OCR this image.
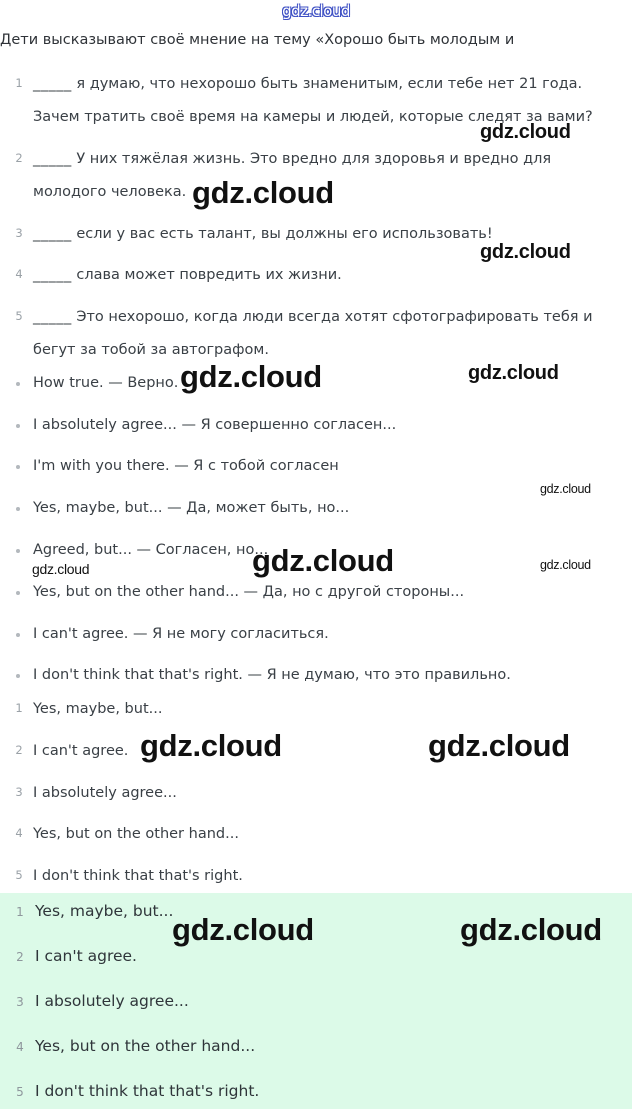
gdz.cloud
Дети высказывают своё мнение на тему «Хорошо быть молодым и
1 _____ я думаю, что нехорошо быть знаменитым, если тебе нет 21 года.
Зачем тратить своё время на камеры и людей, которые следят за вами?
2 _____ У них тяжёлая жизнь. Это вредно для здоровья и вредно для
молодого человека.
3 _____ если у вас есть талант, вы должны его использовать!
4 _____ слава может повредить их жизни.
5 _____ Это нехорошо, когда люди всегда хотят сфотографировать тебя и
бегут за тобой за автографом.
How true. — Верно.
I absolutely agree... — Я совершенно согласен...
I'm with you there. — Я с тобой согласен
Yes, maybe, but... — Да, может быть, но...
Agreed, but... — Согласен, но...
Yes, but on the other hand... — Да, но с другой стороны...
I can't agree. — Я не могу согласиться.
I don't think that that's right. — Я не думаю, что это правильно.
1 Yes, maybe, but...
2 I can't agree.
3 I absolutely agree...
4 Yes, but on the other hand...
5 I don't think that that's right.
1 Yes, maybe, but...
2 I can't agree.
3 I absolutely agree...
4 Yes, but on the other hand...
5 I don't think that that's right.
gdz.cloud
gdz.cloud
gdz.cloud
gdz.cloud	gdz.cloud
gdz.cloud
gdz.cloud	gdz.cloud
gdz.cloud
gdz.cloud	gdz.cloud
gdz.cloud	gdz.cloud
